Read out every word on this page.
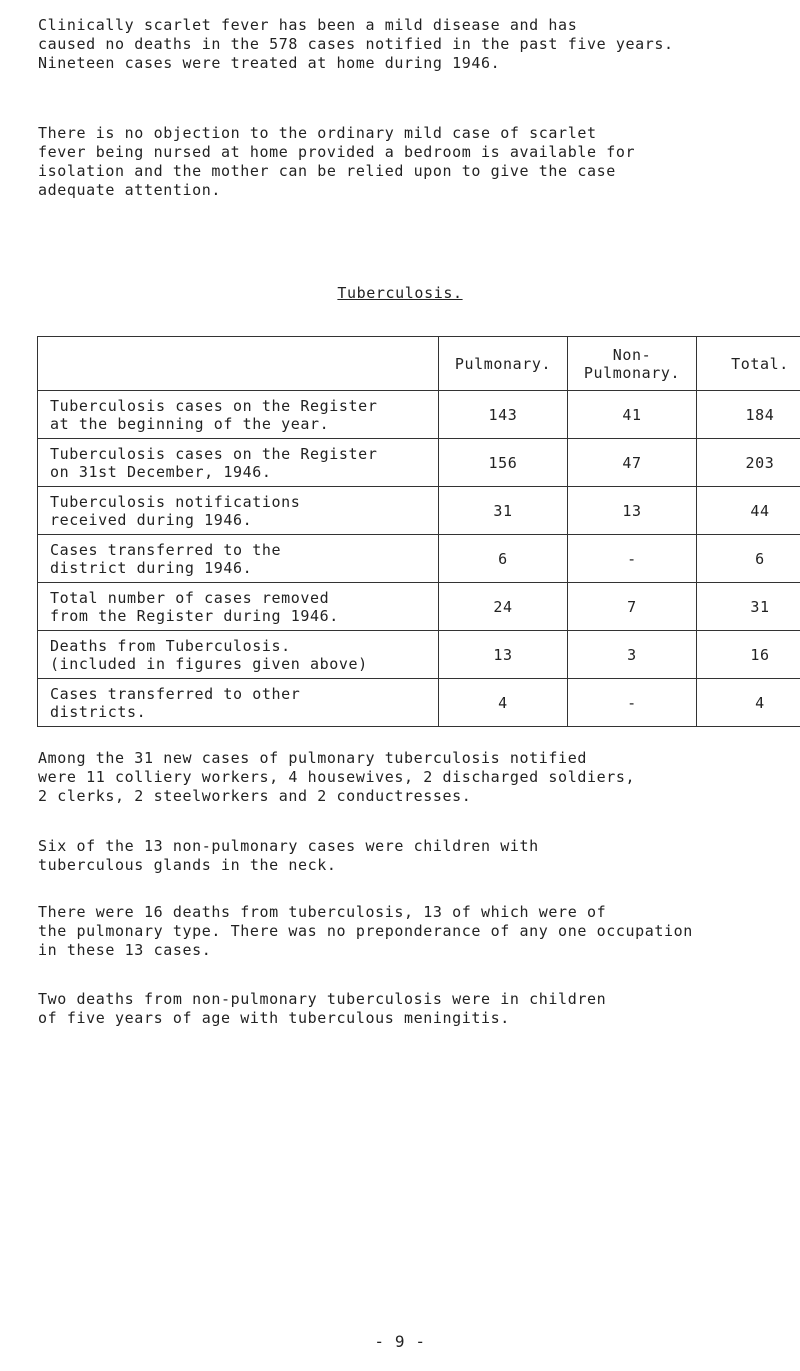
Clinically scarlet fever has been a mild disease and has
caused no deaths in the 578 cases notified in the past five years.
Nineteen cases were treated at home during 1946.

There is no objection to the ordinary mild case of scarlet
fever being nursed at home provided a bedroom is available for
isolation and the mother can be relied upon to give the case
adequate attention.

Tuberculosis.
	Pulmonary.	Non-
Pulmonary.	Total.
Tuberculosis cases on the Register
at the beginning of the year.	143	41	184
Tuberculosis cases on the Register
on 31st December, 1946.	156	47	203
Tuberculosis notifications
received during 1946.	31	13	44
Cases transferred to the
district during 1946.	6	-	6
Total number of cases removed
from the Register during 1946.	24	7	31
Deaths from Tuberculosis.
(included in figures given above)	13	3	16
Cases transferred to other
districts.	4	-	4

Among the 31 new cases of pulmonary tuberculosis notified
were 11 colliery workers, 4 housewives, 2 discharged soldiers,
2 clerks, 2 steelworkers and 2 conductresses.

Six of the 13 non-pulmonary cases were children with
tuberculous glands in the neck.

There were 16 deaths from tuberculosis, 13 of which were of
the pulmonary type. There was no preponderance of any one occupation
in these 13 cases.

Two deaths from non-pulmonary tuberculosis were in children
of five years of age with tuberculous meningitis.

- 9 -
